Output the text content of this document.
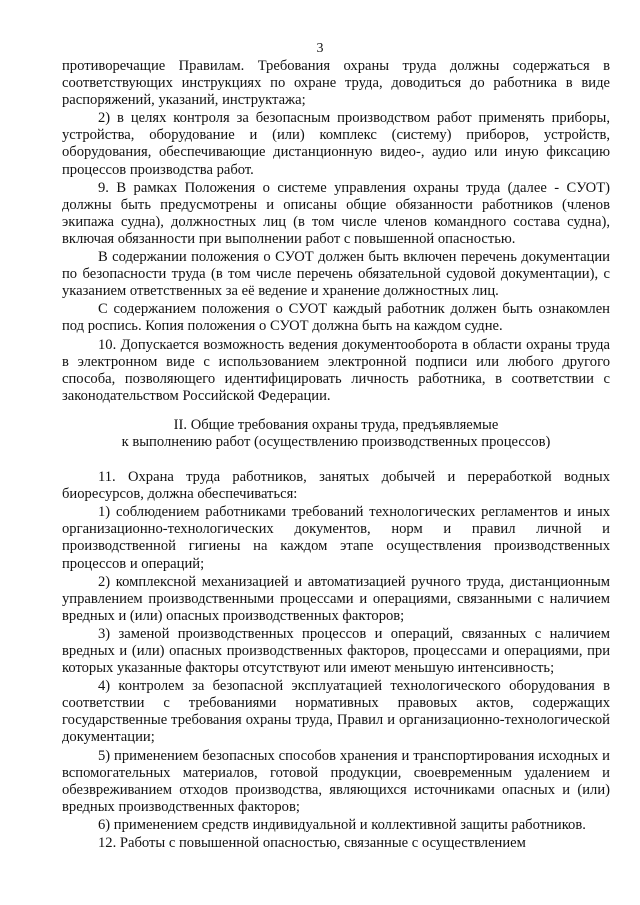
3

противоречащие Правилам. Требования охраны труда должны содержаться в соответствующих инструкциях по охране труда, доводиться до работника в виде распоряжений, указаний, инструктажа;

2) в целях контроля за безопасным производством работ применять приборы, устройства, оборудование и (или) комплекс (систему) приборов, устройств, оборудования, обеспечивающие дистанционную видео-, аудио или иную фиксацию процессов производства работ.

9. В рамках Положения о системе управления охраны труда (далее - СУОТ) должны быть предусмотрены и описаны общие обязанности работников (членов экипажа судна), должностных лиц (в том числе членов командного состава судна), включая обязанности при выполнении работ с повышенной опасностью.

В содержании положения о СУОТ должен быть включен перечень документации по безопасности труда (в том числе перечень обязательной судовой документации), с указанием ответственных за её ведение и хранение должностных лиц.

С содержанием положения о СУОТ каждый работник должен быть ознакомлен под роспись. Копия положения о СУОТ должна быть на каждом судне.

10. Допускается возможность ведения документооборота в области охраны труда в электронном виде с использованием электронной подписи или любого другого способа, позволяющего идентифицировать личность работника, в соответствии с законодательством Российской Федерации.

II. Общие требования охраны труда, предъявляемые
к выполнению работ (осуществлению производственных процессов)

11. Охрана труда работников, занятых добычей и переработкой водных биоресурсов, должна обеспечиваться:

1) соблюдением работниками требований технологических регламентов и иных организационно-технологических документов, норм и правил личной и производственной гигиены на каждом этапе осуществления производственных процессов и операций;

2) комплексной механизацией и автоматизацией ручного труда, дистанционным управлением производственными процессами и операциями, связанными с наличием вредных и (или) опасных производственных факторов;

3) заменой производственных процессов и операций, связанных с наличием вредных и (или) опасных производственных факторов, процессами и операциями, при которых указанные факторы отсутствуют или имеют меньшую интенсивность;

4) контролем за безопасной эксплуатацией технологического оборудования в соответствии с требованиями нормативных правовых актов, содержащих государственные требования охраны труда, Правил и организационно-технологической документации;

5) применением безопасных способов хранения и транспортирования исходных и вспомогательных материалов, готовой продукции, своевременным удалением и обезвреживанием отходов производства, являющихся источниками опасных и (или) вредных производственных факторов;

6) применением средств индивидуальной и коллективной защиты работников.

12. Работы с повышенной опасностью, связанные с осуществлением
